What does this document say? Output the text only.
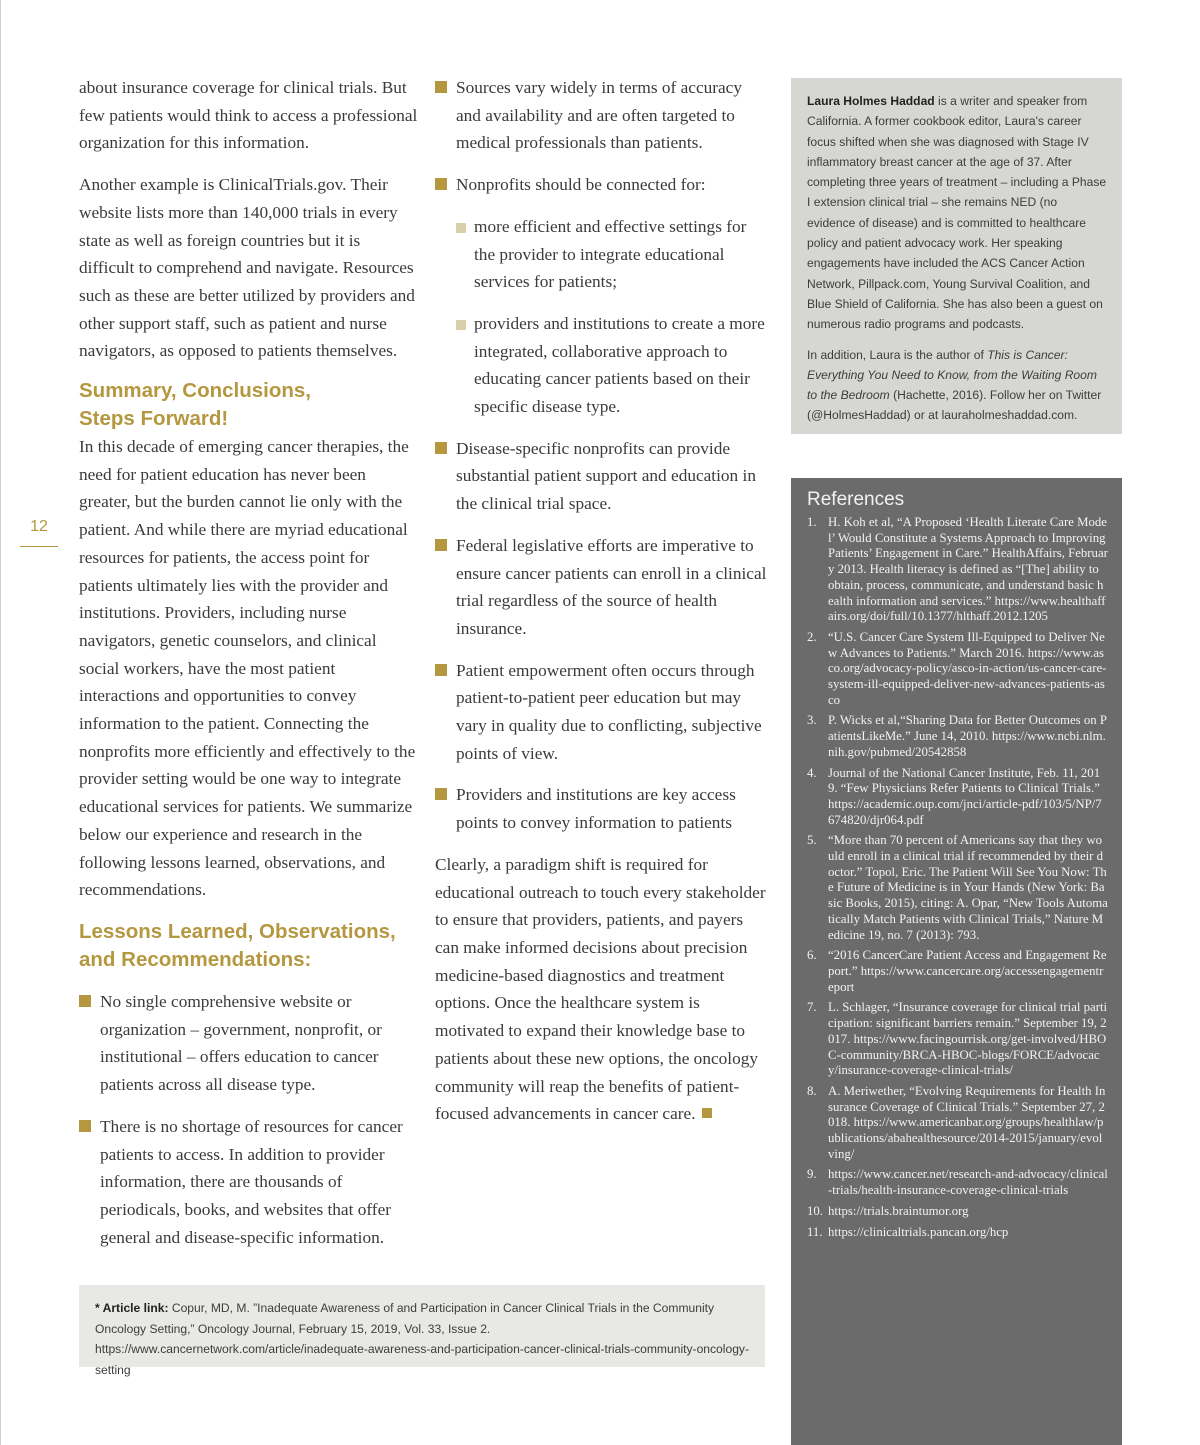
12

about insurance coverage for clinical trials. But few patients would think to access a professional organization for this information.

Another example is ClinicalTrials.gov. Their website lists more than 140,000 trials in every state as well as foreign countries but it is difficult to comprehend and navigate. Resources such as these are better utilized by providers and other support staff, such as patient and nurse navigators, as opposed to patients themselves.

Summary, Conclusions,
Steps Forward!

In this decade of emerging cancer therapies, the need for patient education has never been greater, but the burden cannot lie only with the patient. And while there are myriad educational resources for patients, the access point for patients ultimately lies with the provider and institutions. Providers, including nurse navigators, genetic counselors, and clinical social workers, have the most patient interactions and opportunities to convey information to the patient. Connecting the nonprofits more efficiently and effectively to the provider setting would be one way to integrate educational services for patients. We summarize below our experience and research in the following lessons learned, observations, and recommendations.

Lessons Learned, Observations,
and Recommendations:
No single comprehensive website or organization – government, nonprofit, or institutional – offers education to cancer patients across all disease type.
There is no shortage of resources for cancer patients to access. In addition to provider information, there are thousands of periodicals, books, and websites that offer general and disease-specific information.
Sources vary widely in terms of accuracy and availability and are often targeted to medical professionals than patients.
Nonprofits should be connected for:
more efficient and effective settings for the provider to integrate educational services for patients;
providers and institutions to create a more integrated, collaborative approach to educating cancer patients based on their specific disease type.
Disease-specific nonprofits can provide substantial patient support and education in the clinical trial space.
Federal legislative efforts are imperative to ensure cancer patients can enroll in a clinical trial regardless of the source of health insurance.
Patient empowerment often occurs through patient-to-patient peer education but may vary in quality due to conflicting, subjective points of view.
Providers and institutions are key access points to convey information to patients

Clearly, a paradigm shift is required for educational outreach to touch every stakeholder to ensure that providers, patients, and payers can make informed decisions about precision medicine-based diagnostics and treatment options. Once the healthcare system is motivated to expand their knowledge base to patients about these new options, the oncology community will reap the benefits of patient-focused advancements in cancer care.

Laura Holmes Haddad is a writer and speaker from California. A former cookbook editor, Laura's career focus shifted when she was diagnosed with Stage IV inflammatory breast cancer at the age of 37. After completing three years of treatment – including a Phase I extension clinical trial – she remains NED (no evidence of disease) and is committed to healthcare policy and patient advocacy work. Her speaking engagements have included the ACS Cancer Action Network, Pillpack.com, Young Survival Coalition, and Blue Shield of California. She has also been a guest on numerous radio programs and podcasts.

In addition, Laura is the author of This is Cancer: Everything You Need to Know, from the Waiting Room to the Bedroom (Hachette, 2016). Follow her on Twitter (@HolmesHaddad) or at lauraholmeshaddad.com.

References
1. H. Koh et al, “A Proposed ‘Health Literate Care Model’ Would Constitute a Systems Approach to Improving Patients’ Engagement in Care.” HealthAffairs, February 2013. Health literacy is defined as “[The] ability to obtain, process, communicate, and understand basic health information and services.” https://www.healthaffairs.org/doi/full/10.1377/hlthaff.2012.1205
2. “U.S. Cancer Care System Ill-Equipped to Deliver New Advances to Patients.” March 2016. https://www.asco.org/advocacy-policy/asco-in-action/us-cancer-care-system-ill-equipped-deliver-new-advances-patients-asco
3. P. Wicks et al,“Sharing Data for Better Outcomes on PatientsLikeMe.” June 14, 2010. https://www.ncbi.nlm.nih.gov/pubmed/20542858
4. Journal of the National Cancer Institute, Feb. 11, 2019. “Few Physicians Refer Patients to Clinical Trials.” https://academic.oup.com/jnci/article-pdf/103/5/NP/7674820/djr064.pdf
5. “More than 70 percent of Americans say that they would enroll in a clinical trial if recommended by their doctor.” Topol, Eric. The Patient Will See You Now: The Future of Medicine is in Your Hands (New York: Basic Books, 2015), citing: A. Opar, “New Tools Automatically Match Patients with Clinical Trials,” Nature Medicine 19, no. 7 (2013): 793.
6. “2016 CancerCare Patient Access and Engagement Report.” https://www.cancercare.org/accessengagementreport
7. L. Schlager, “Insurance coverage for clinical trial participation: significant barriers remain.” September 19, 2017. https://www.facingourrisk.org/get-involved/HBOC-community/BRCA-HBOC-blogs/FORCE/advocacy/insurance-coverage-clinical-trials/
8. A. Meriwether, “Evolving Requirements for Health Insurance Coverage of Clinical Trials.” September 27, 2018. https://www.americanbar.org/groups/healthlaw/publications/abahealthesource/2014-2015/january/evolving/
9. https://www.cancer.net/research-and-advocacy/clinical-trials/health-insurance-coverage-clinical-trials
10. https://trials.braintumor.org
11. https://clinicaltrials.pancan.org/hcp
* Article link: Copur, MD, M. ”Inadequate Awareness of and Participation in Cancer Clinical Trials in the Community Oncology Setting,” Oncology Journal, February 15, 2019, Vol. 33, Issue 2. https://www.cancernetwork.com/article/inadequate-awareness-and-participation-cancer-clinical-trials-community-oncology-setting
